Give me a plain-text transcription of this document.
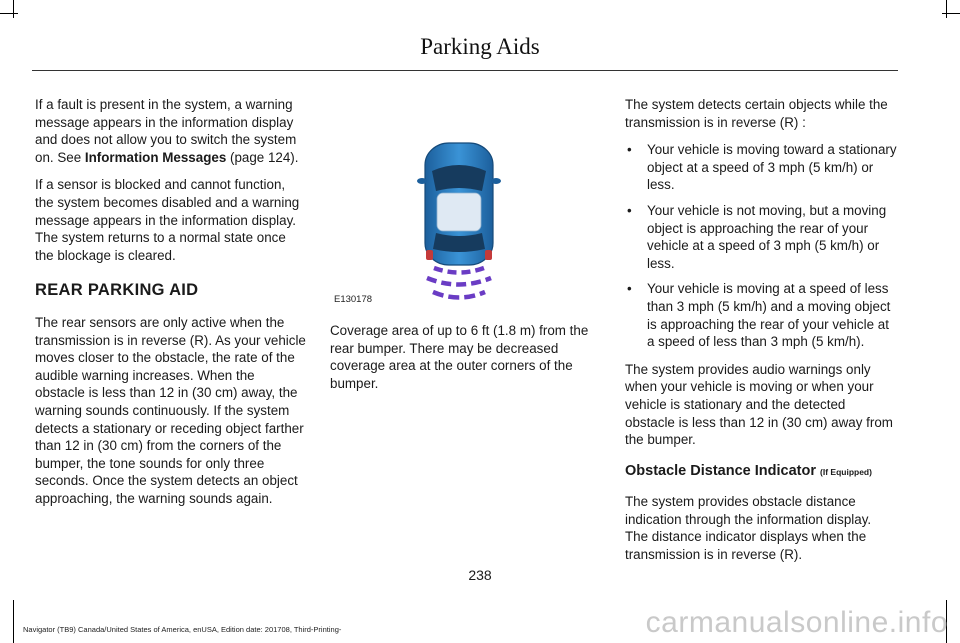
Parking Aids

If a fault is present in the system, a warning message appears in the information display and does not allow you to switch the system on. See Information Messages (page 124).

If a sensor is blocked and cannot function, the system becomes disabled and a warning message appears in the information display. The system returns to a normal state once the blockage is cleared.

REAR PARKING AID

The rear sensors are only active when the transmission is in reverse (R). As your vehicle moves closer to the obstacle, the rate of the audible warning increases. When the obstacle is less than 12 in (30 cm) away, the warning sounds continuously. If the system detects a stationary or receding object farther than 12 in (30 cm) from the corners of the bumper, the tone sounds for only three seconds. Once the system detects an object approaching, the warning sounds again.

E130178

Coverage area of up to 6 ft (1.8 m) from the rear bumper. There may be decreased coverage area at the outer corners of the bumper.

The system detects certain objects while the transmission is in reverse (R) :

• Your vehicle is moving toward a stationary object at a speed of 3 mph (5 km/h) or less.
• Your vehicle is not moving, but a moving object is approaching the rear of your vehicle at a speed of 3 mph (5 km/h) or less.
• Your vehicle is moving at a speed of less than 3 mph (5 km/h) and a moving object is approaching the rear of your vehicle at a speed of less than 3 mph (5 km/h).

The system provides audio warnings only when your vehicle is moving or when your vehicle is stationary and the detected obstacle is less than 12 in (30 cm) away from the bumper.

Obstacle Distance Indicator (If Equipped)

The system provides obstacle distance indication through the information display. The distance indicator displays when the transmission is in reverse (R).

238
Navigator (TB9) Canada/United States of America, enUSA, Edition date: 201708, Third-Printing-	carmanualsonline.info
